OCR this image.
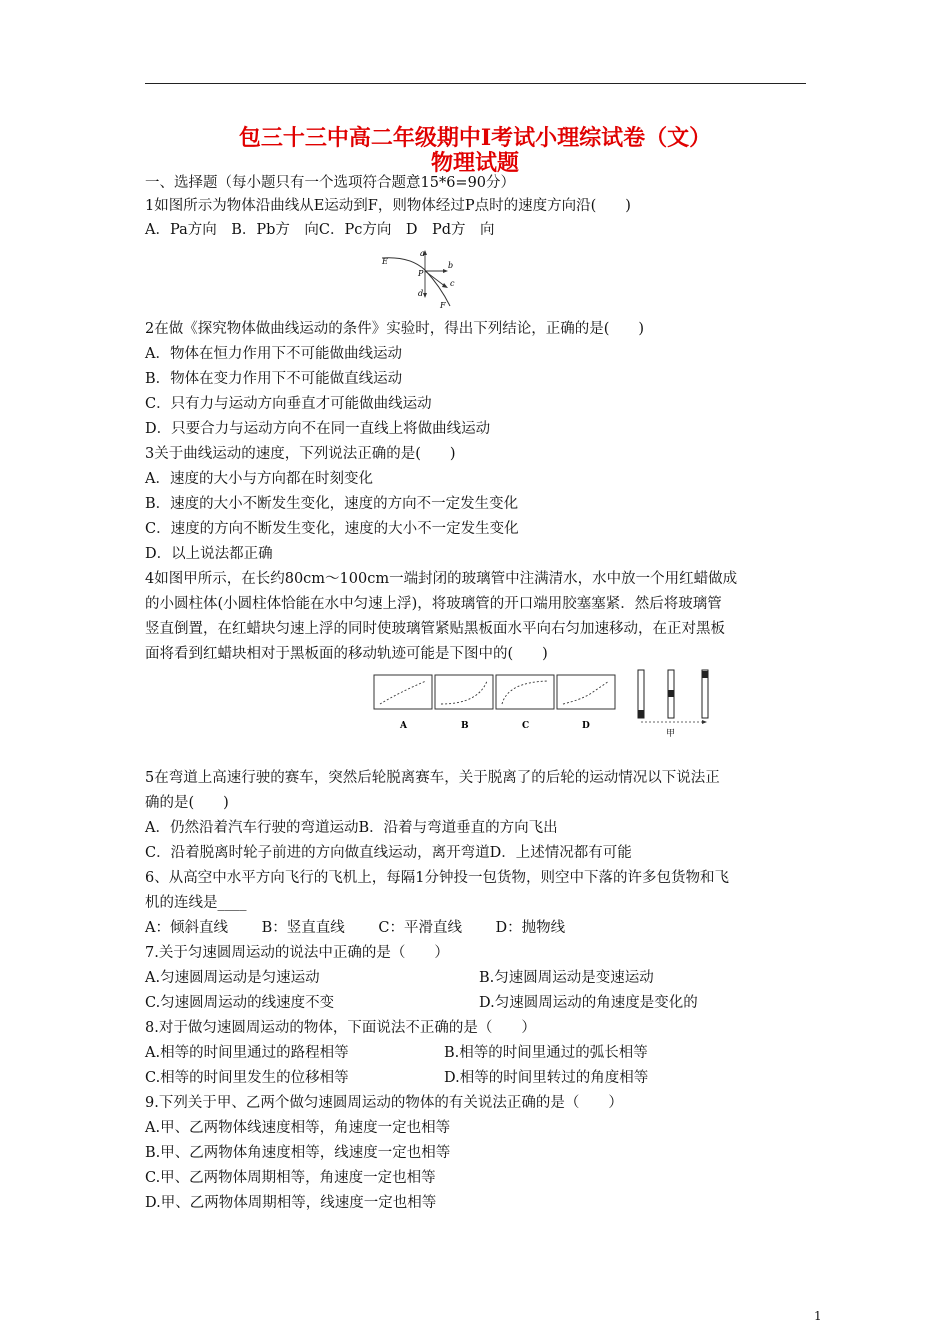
包三十三中高二年级期中Ⅰ考试小理综试卷（文）
物理试题
一、选择题（每小题只有一个选项符合题意15*6=90分）
1如图所示为物体沿曲线从E运动到F，则物体经过P点时的速度方向沿(　　)
A．Pa方向　B．Pb方　向C．Pc方向　D　Pd方　向
a
E
P
b
c
d
F
2在做《探究物体做曲线运动的条件》实验时，得出下列结论，正确的是(　　)
A．物体在恒力作用下不可能做曲线运动
B．物体在变力作用下不可能做直线运动
C．只有力与运动方向垂直才可能做曲线运动
D．只要合力与运动方向不在同一直线上将做曲线运动
3关于曲线运动的速度，下列说法正确的是(　　)
A．速度的大小与方向都在时刻变化
B．速度的大小不断发生变化，速度的方向不一定发生变化
C．速度的方向不断发生变化，速度的大小不一定发生变化
D．以上说法都正确
4如图甲所示，在长约80cm～100cm一端封闭的玻璃管中注满清水，水中放一个用红蜡做成
的小圆柱体(小圆柱体恰能在水中匀速上浮)，将玻璃管的开口端用胶塞塞紧．然后将玻璃管
竖直倒置，在红蜡块匀速上浮的同时使玻璃管紧贴黑板面水平向右匀加速移动，在正对黑板
面将看到红蜡块相对于黑板面的移动轨迹可能是下图中的(　　)
A	B	C	D
甲
5在弯道上高速行驶的赛车，突然后轮脱离赛车，关于脱离了的后轮的运动情况以下说法正
确的是(　　)
A．仍然沿着汽车行驶的弯道运动B．沿着与弯道垂直的方向飞出
C．沿着脱离时轮子前进的方向做直线运动，离开弯道D．上述情况都有可能
6、从高空中水平方向飞行的飞机上，每隔1分钟投一包货物，则空中下落的许多包货物和飞
机的连线是____
A：倾斜直线　　 B：竖直直线　　 C：平滑直线　　 D：抛物线
7.关于匀速圆周运动的说法中正确的是（　　）
A.匀速圆周运动是匀速运动	B.匀速圆周运动是变速运动
C.匀速圆周运动的线速度不变	D.匀速圆周运动的角速度是变化的
8.对于做匀速圆周运动的物体，下面说法不正确的是（　　）
A.相等的时间里通过的路程相等	B.相等的时间里通过的弧长相等
C.相等的时间里发生的位移相等	D.相等的时间里转过的角度相等
9.下列关于甲、乙两个做匀速圆周运动的物体的有关说法正确的是（　　）
A.甲、乙两物体线速度相等，角速度一定也相等
B.甲、乙两物体角速度相等，线速度一定也相等
C.甲、乙两物体周期相等，角速度一定也相等
D.甲、乙两物体周期相等，线速度一定也相等
1
